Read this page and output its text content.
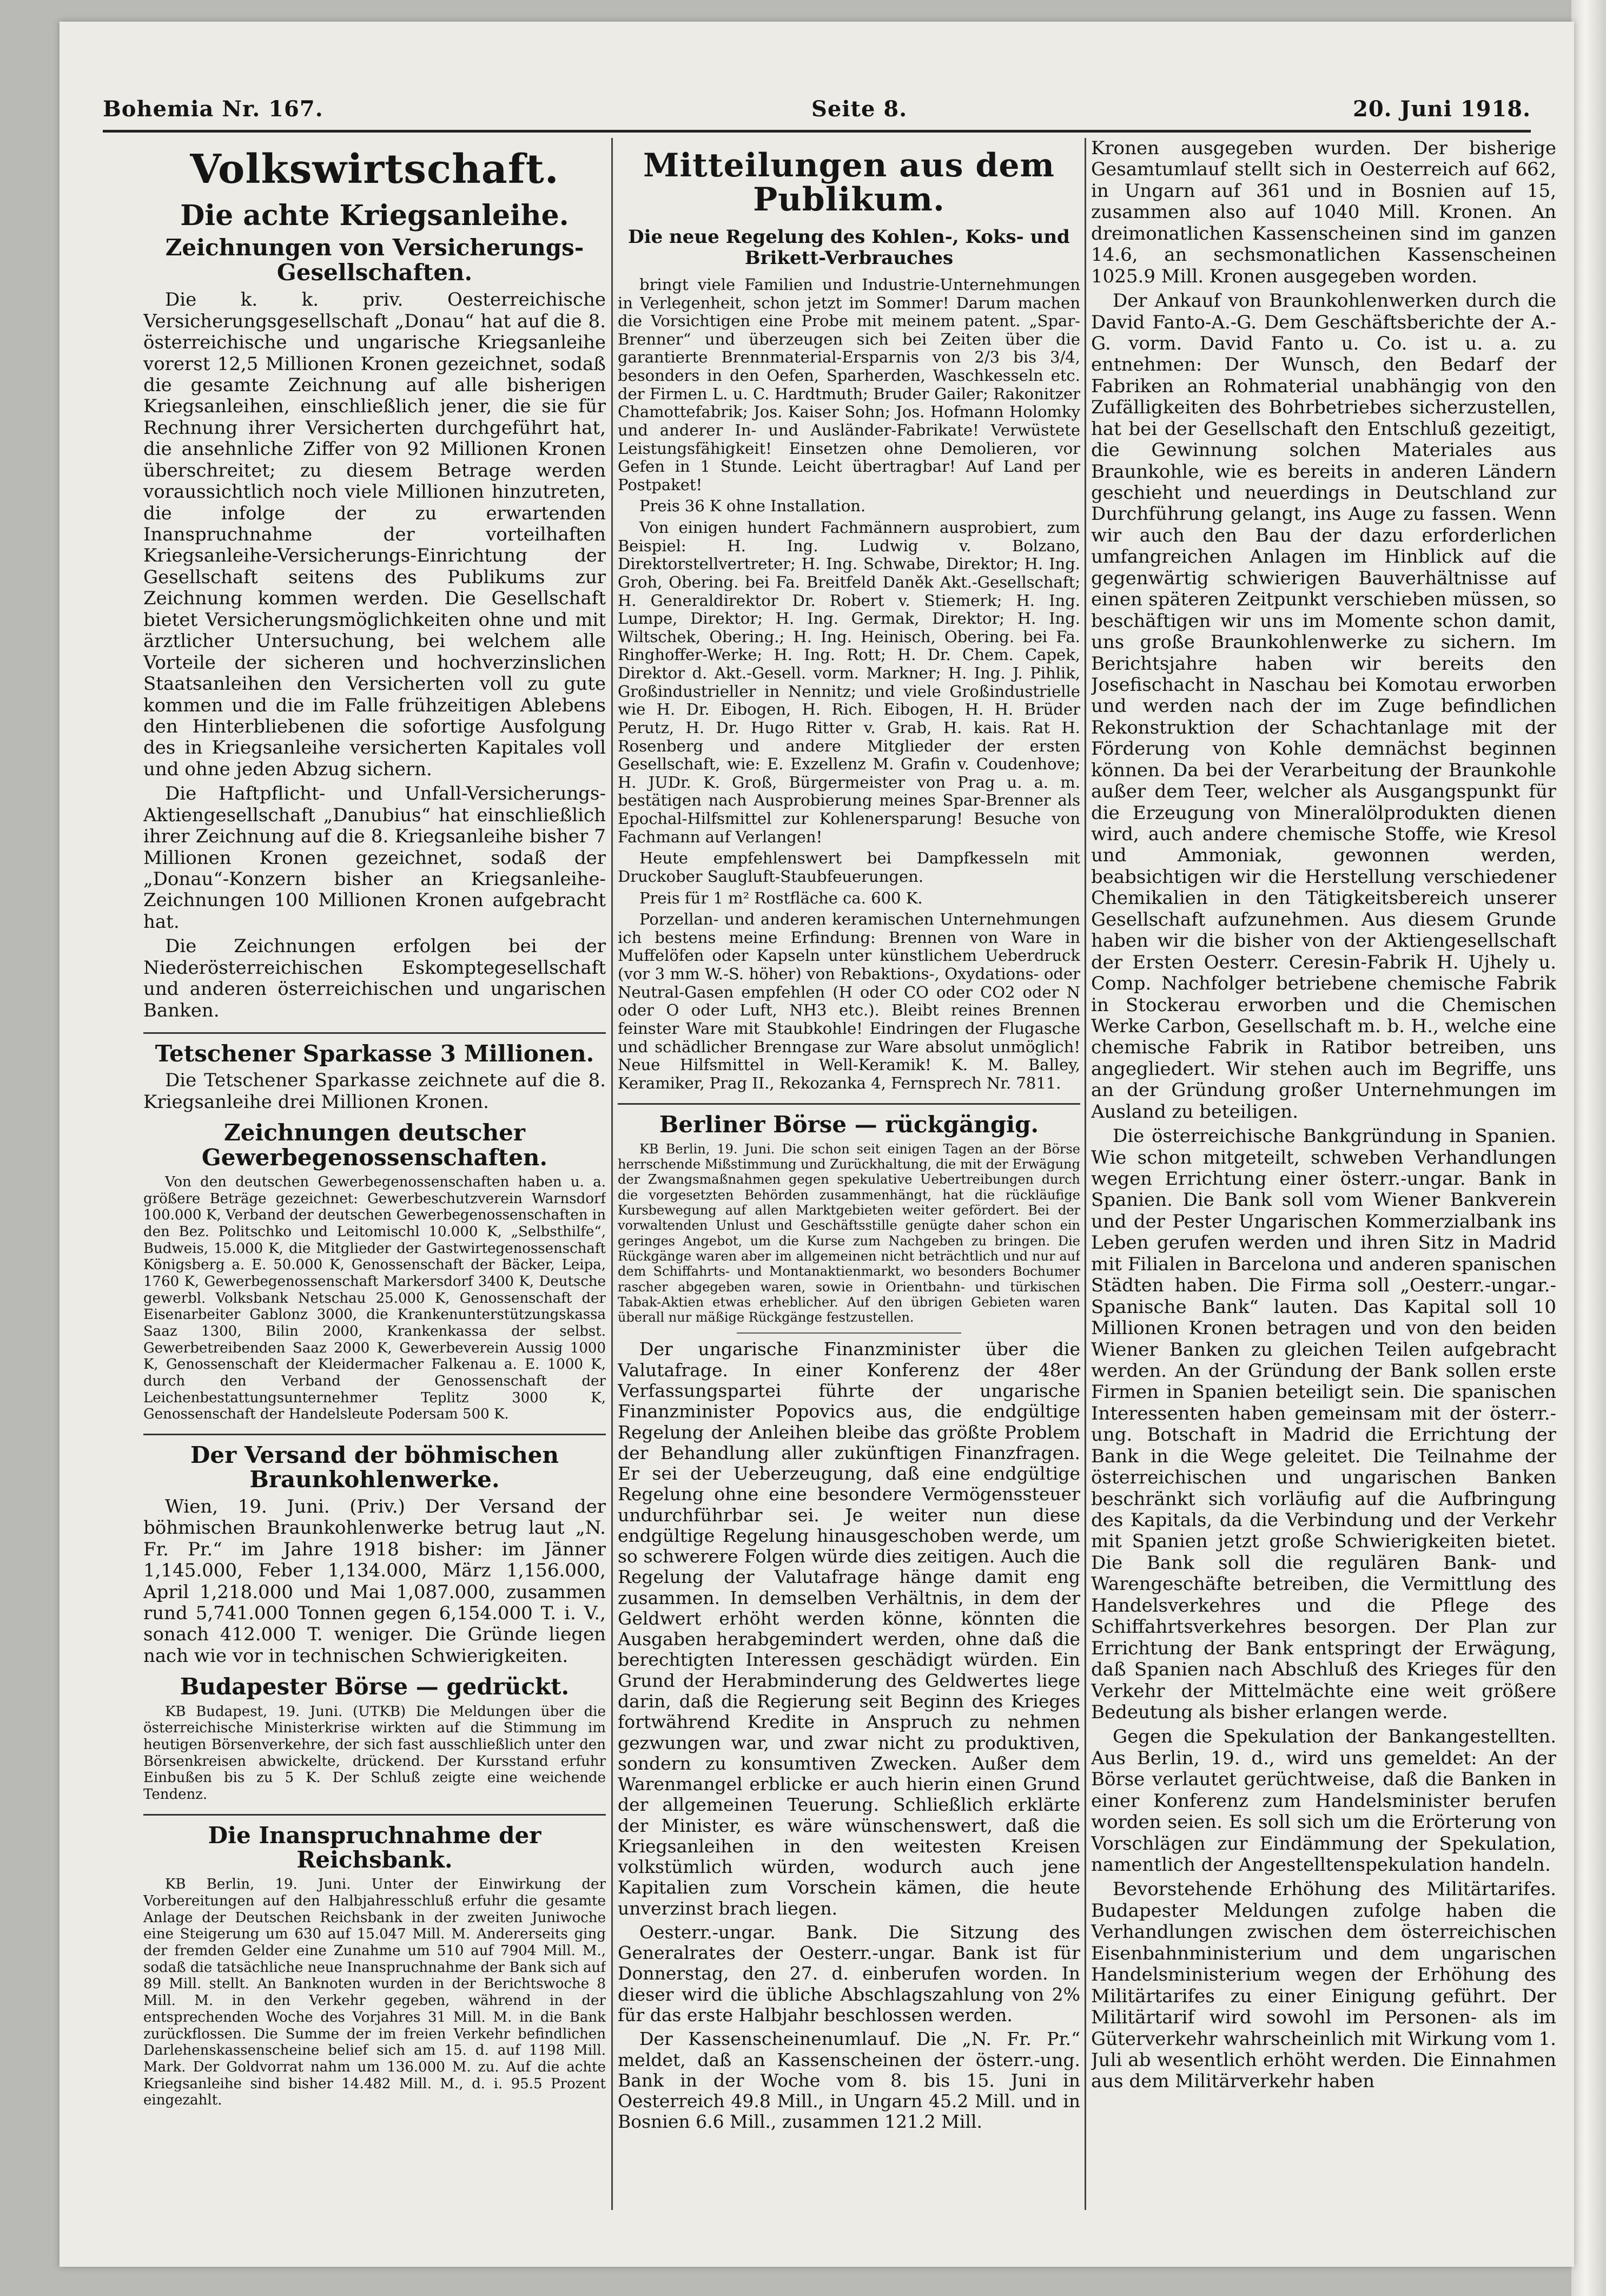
Bohemia Nr. 167.	Seite 8.	20. Juni 1918.
Volkswirtschaft.
Die achte Kriegsanleihe.
Zeichnungen von Versicherungs-Gesellschaften.

Die k. k. priv. Oesterreichische Versicherungsgesellschaft „Donau“ hat auf die 8. österreichische und ungarische Kriegsanleihe vorerst 12,5 Millionen Kronen gezeichnet, sodaß die gesamte Zeichnung auf alle bisherigen Kriegsanleihen, einschließlich jener, die sie für Rechnung ihrer Versicherten durchgeführt hat, die ansehnliche Ziffer von 92 Millionen Kronen überschreitet; zu diesem Betrage werden voraussichtlich noch viele Millionen hinzutreten, die infolge der zu erwartenden Inanspruchnahme der vorteilhaften Kriegsanleihe-Versicherungs-Einrichtung der Gesellschaft seitens des Publikums zur Zeichnung kommen werden. Die Gesellschaft bietet Versicherungsmöglichkeiten ohne und mit ärztlicher Untersuchung, bei welchem alle Vorteile der sicheren und hochverzinslichen Staatsanleihen den Versicherten voll zu gute kommen und die im Falle frühzeitigen Ablebens den Hinterbliebenen die sofortige Ausfolgung des in Kriegsanleihe versicherten Kapitales voll und ohne jeden Abzug sichern.

Die Haftpflicht- und Unfall-Versicherungs-Aktiengesellschaft „Danubius“ hat einschließlich ihrer Zeichnung auf die 8. Kriegsanleihe bisher 7 Millionen Kronen gezeichnet, sodaß der „Donau“-Konzern bisher an Kriegsanleihe-Zeichnungen 100 Millionen Kronen aufgebracht hat.

Die Zeichnungen erfolgen bei der Niederösterreichischen Eskomptegesellschaft und anderen österreichischen und ungarischen Banken.

Tetschener Sparkasse 3 Millionen.

Die Tetschener Sparkasse zeichnete auf die 8. Kriegsanleihe drei Millionen Kronen.

Zeichnungen deutscher Gewerbegenossenschaften.

Von den deutschen Gewerbegenossenschaften haben u. a. größere Beträge gezeichnet: Gewerbeschutzverein Warnsdorf 100.000 K, Verband der deutschen Gewerbegenossenschaften in den Bez. Politschko und Leitomischl 10.000 K, „Selbsthilfe“, Budweis, 15.000 K, die Mitglieder der Gastwirtegenossenschaft Königsberg a. E. 50.000 K, Genossenschaft der Bäcker, Leipa, 1760 K, Gewerbegenossenschaft Markersdorf 3400 K, Deutsche gewerbl. Volksbank Netschau 25.000 K, Genossenschaft der Eisenarbeiter Gablonz 3000, die Krankenunterstützungskassa Saaz 1300, Bilin 2000, Krankenkassa der selbst. Gewerbetreibenden Saaz 2000 K, Gewerbeverein Aussig 1000 K, Genossenschaft der Kleidermacher Falkenau a. E. 1000 K, durch den Verband der Genossenschaft der Leichenbestattungsunternehmer Teplitz 3000 K, Genossenschaft der Handelsleute Podersam 500 K.

Der Versand der böhmischen Braunkohlenwerke.

Wien, 19. Juni. (Priv.) Der Versand der böhmischen Braunkohlenwerke betrug laut „N. Fr. Pr.“ im Jahre 1918 bisher: im Jänner 1,145.000, Feber 1,134.000, März 1,156.000, April 1,218.000 und Mai 1,087.000, zusammen rund 5,741.000 Tonnen gegen 6,154.000 T. i. V., sonach 412.000 T. weniger. Die Gründe liegen nach wie vor in technischen Schwierigkeiten.

Budapester Börse — gedrückt.

KB Budapest, 19. Juni. (UTKB) Die Meldungen über die österreichische Ministerkrise wirkten auf die Stimmung im heutigen Börsenverkehre, der sich fast ausschließlich unter den Börsenkreisen abwickelte, drückend. Der Kursstand erfuhr Einbußen bis zu 5 K. Der Schluß zeigte eine weichende Tendenz.

Die Inanspruchnahme der Reichsbank.

KB Berlin, 19. Juni. Unter der Einwirkung der Vorbereitungen auf den Halbjahresschluß erfuhr die gesamte Anlage der Deutschen Reichsbank in der zweiten Juniwoche eine Steigerung um 630 auf 15.047 Mill. M. Andererseits ging der fremden Gelder eine Zunahme um 510 auf 7904 Mill. M., sodaß die tatsächliche neue Inanspruchnahme der Bank sich auf 89 Mill. stellt. An Banknoten wurden in der Berichtswoche 8 Mill. M. in den Verkehr gegeben, während in der entsprechenden Woche des Vorjahres 31 Mill. M. in die Bank zurückflossen. Die Summe der im freien Verkehr befindlichen Darlehenskassenscheine belief sich am 15. d. auf 1198 Mill. Mark. Der Goldvorrat nahm um 136.000 M. zu. Auf die achte Kriegsanleihe sind bisher 14.482 Mill. M., d. i. 95.5 Prozent eingezahlt.

Mitteilungen aus dem Publikum.
Die neue Regelung des Kohlen-, Koks- und Brikett-Verbrauches

bringt viele Familien und Industrie-Unternehmungen in Verlegenheit, schon jetzt im Sommer! Darum machen die Vorsichtigen eine Probe mit meinem patent. „Spar-Brenner“ und überzeugen sich bei Zeiten über die garantierte Brennmaterial-Ersparnis von 2/3 bis 3/4, besonders in den Oefen, Sparherden, Waschkesseln etc. der Firmen L. u. C. Hardtmuth; Bruder Gailer; Rakonitzer Chamottefabrik; Jos. Kaiser Sohn; Jos. Hofmann Holomky und anderer In- und Ausländer-Fabrikate! Verwüstete Leistungsfähigkeit! Einsetzen ohne Demolieren, vor Gefen in 1 Stunde. Leicht übertragbar! Auf Land per Postpaket!

Preis 36 K ohne Installation.

Von einigen hundert Fachmännern ausprobiert, zum Beispiel: H. Ing. Ludwig v. Bolzano, Direktorstellvertreter; H. Ing. Schwabe, Direktor; H. Ing. Groh, Obering. bei Fa. Breitfeld Daněk Akt.-Gesellschaft; H. Generaldirektor Dr. Robert v. Stiemerk; H. Ing. Lumpe, Direktor; H. Ing. Germak, Direktor; H. Ing. Wiltschek, Obering.; H. Ing. Heinisch, Obering. bei Fa. Ringhoffer-Werke; H. Ing. Rott; H. Dr. Chem. Capek, Direktor d. Akt.-Gesell. vorm. Markner; H. Ing. J. Pihlik, Großindustrieller in Nennitz; und viele Großindustrielle wie H. Dr. Eibogen, H. Rich. Eibogen, H. H. Brüder Perutz, H. Dr. Hugo Ritter v. Grab, H. kais. Rat H. Rosenberg und andere Mitglieder der ersten Gesellschaft, wie: E. Exzellenz M. Grafin v. Coudenhove; H. JUDr. K. Groß, Bürgermeister von Prag u. a. m. bestätigen nach Ausprobierung meines Spar-Brenner als Epochal-Hilfsmittel zur Kohlenersparung! Besuche von Fachmann auf Verlangen!

Heute empfehlenswert bei Dampfkesseln mit Druckober Saugluft-Staubfeuerungen.

Preis für 1 m² Rostfläche ca. 600 K.

Porzellan- und anderen keramischen Unternehmungen ich bestens meine Erfindung: Brennen von Ware in Muffelöfen oder Kapseln unter künstlichem Ueberdruck (vor 3 mm W.-S. höher) von Rebaktions-, Oxydations- oder Neutral-Gasen empfehlen (H oder CO oder CO2 oder N oder O oder Luft, NH3 etc.). Bleibt reines Brennen feinster Ware mit Staubkohle! Eindringen der Flugasche und schädlicher Brenngase zur Ware absolut unmöglich! Neue Hilfsmittel in Well-Keramik! K. M. Balley, Keramiker, Prag II., Rekozanka 4, Fernsprech Nr. 7811.

Berliner Börse — rückgängig.

KB Berlin, 19. Juni. Die schon seit einigen Tagen an der Börse herrschende Mißstimmung und Zurückhaltung, die mit der Erwägung der Zwangsmaßnahmen gegen spekulative Uebertreibungen durch die vorgesetzten Behörden zusammenhängt, hat die rückläufige Kursbewegung auf allen Marktgebieten weiter gefördert. Bei der vorwaltenden Unlust und Geschäftsstille genügte daher schon ein geringes Angebot, um die Kurse zum Nachgeben zu bringen. Die Rückgänge waren aber im allgemeinen nicht beträchtlich und nur auf dem Schiffahrts- und Montanaktienmarkt, wo besonders Bochumer rascher abgegeben waren, sowie in Orientbahn- und türkischen Tabak-Aktien etwas erheblicher. Auf den übrigen Gebieten waren überall nur mäßige Rückgänge festzustellen.

Der ungarische Finanzminister über die Valutafrage. In einer Konferenz der 48er Verfassungspartei führte der ungarische Finanzminister Popovics aus, die endgültige Regelung der Anleihen bleibe das größte Problem der Behandlung aller zukünftigen Finanzfragen. Er sei der Ueberzeugung, daß eine endgültige Regelung ohne eine besondere Vermögenssteuer undurchführbar sei. Je weiter nun diese endgültige Regelung hinausgeschoben werde, um so schwerere Folgen würde dies zeitigen. Auch die Regelung der Valutafrage hänge damit eng zusammen. In demselben Verhältnis, in dem der Geldwert erhöht werden könne, könnten die Ausgaben herabgemindert werden, ohne daß die berechtigten Interessen geschädigt würden. Ein Grund der Herabminderung des Geldwertes liege darin, daß die Regierung seit Beginn des Krieges fortwährend Kredite in Anspruch zu nehmen gezwungen war, und zwar nicht zu produktiven, sondern zu konsumtiven Zwecken. Außer dem Warenmangel erblicke er auch hierin einen Grund der allgemeinen Teuerung. Schließlich erklärte der Minister, es wäre wünschenswert, daß die Kriegsanleihen in den weitesten Kreisen volkstümlich würden, wodurch auch jene Kapitalien zum Vorschein kämen, die heute unverzinst brach liegen.

Oesterr.-ungar. Bank. Die Sitzung des Generalrates der Oesterr.-ungar. Bank ist für Donnerstag, den 27. d. einberufen worden. In dieser wird die übliche Abschlagszahlung von 2% für das erste Halbjahr beschlossen werden.

Der Kassenscheinenumlauf. Die „N. Fr. Pr.“ meldet, daß an Kassenscheinen der österr.-ung. Bank in der Woche vom 8. bis 15. Juni in Oesterreich 49.8 Mill., in Ungarn 45.2 Mill. und in Bosnien 6.6 Mill., zusammen 121.2 Mill.

Kronen ausgegeben wurden. Der bisherige Gesamtumlauf stellt sich in Oesterreich auf 662, in Ungarn auf 361 und in Bosnien auf 15, zusammen also auf 1040 Mill. Kronen. An dreimonatlichen Kassenscheinen sind im ganzen 14.6, an sechsmonatlichen Kassenscheinen 1025.9 Mill. Kronen ausgegeben worden.

Der Ankauf von Braunkohlenwerken durch die David Fanto-A.-G. Dem Geschäftsberichte der A.-G. vorm. David Fanto u. Co. ist u. a. zu entnehmen: Der Wunsch, den Bedarf der Fabriken an Rohmaterial unabhängig von den Zufälligkeiten des Bohrbetriebes sicherzustellen, hat bei der Gesellschaft den Entschluß gezeitigt, die Gewinnung solchen Materiales aus Braunkohle, wie es bereits in anderen Ländern geschieht und neuerdings in Deutschland zur Durchführung gelangt, ins Auge zu fassen. Wenn wir auch den Bau der dazu erforderlichen umfangreichen Anlagen im Hinblick auf die gegenwärtig schwierigen Bauverhältnisse auf einen späteren Zeitpunkt verschieben müssen, so beschäftigen wir uns im Momente schon damit, uns große Braunkohlenwerke zu sichern. Im Berichtsjahre haben wir bereits den Josefischacht in Naschau bei Komotau erworben und werden nach der im Zuge befindlichen Rekonstruktion der Schachtanlage mit der Förderung von Kohle demnächst beginnen können. Da bei der Verarbeitung der Braunkohle außer dem Teer, welcher als Ausgangspunkt für die Erzeugung von Mineralölprodukten dienen wird, auch andere chemische Stoffe, wie Kresol und Ammoniak, gewonnen werden, beabsichtigen wir die Herstellung verschiedener Chemikalien in den Tätigkeitsbereich unserer Gesellschaft aufzunehmen. Aus diesem Grunde haben wir die bisher von der Aktiengesellschaft der Ersten Oesterr. Ceresin-Fabrik H. Ujhely u. Comp. Nachfolger betriebene chemische Fabrik in Stockerau erworben und die Chemischen Werke Carbon, Gesellschaft m. b. H., welche eine chemische Fabrik in Ratibor betreiben, uns angegliedert. Wir stehen auch im Begriffe, uns an der Gründung großer Unternehmungen im Ausland zu beteiligen.

Die österreichische Bankgründung in Spanien. Wie schon mitgeteilt, schweben Verhandlungen wegen Errichtung einer österr.-ungar. Bank in Spanien. Die Bank soll vom Wiener Bankverein und der Pester Ungarischen Kommerzialbank ins Leben gerufen werden und ihren Sitz in Madrid mit Filialen in Barcelona und anderen spanischen Städten haben. Die Firma soll „Oesterr.-ungar.-Spanische Bank“ lauten. Das Kapital soll 10 Millionen Kronen betragen und von den beiden Wiener Banken zu gleichen Teilen aufgebracht werden. An der Gründung der Bank sollen erste Firmen in Spanien beteiligt sein. Die spanischen Interessenten haben gemeinsam mit der österr.-ung. Botschaft in Madrid die Errichtung der Bank in die Wege geleitet. Die Teilnahme der österreichischen und ungarischen Banken beschränkt sich vorläufig auf die Aufbringung des Kapitals, da die Verbindung und der Verkehr mit Spanien jetzt große Schwierigkeiten bietet. Die Bank soll die regulären Bank- und Warengeschäfte betreiben, die Vermittlung des Handelsverkehres und die Pflege des Schiffahrtsverkehres besorgen. Der Plan zur Errichtung der Bank entspringt der Erwägung, daß Spanien nach Abschluß des Krieges für den Verkehr der Mittelmächte eine weit größere Bedeutung als bisher erlangen werde.

Gegen die Spekulation der Bankangestellten. Aus Berlin, 19. d., wird uns gemeldet: An der Börse verlautet gerüchtweise, daß die Banken in einer Konferenz zum Handelsminister berufen worden seien. Es soll sich um die Erörterung von Vorschlägen zur Eindämmung der Spekulation, namentlich der Angestelltenspekulation handeln.

Bevorstehende Erhöhung des Militärtarifes. Budapester Meldungen zufolge haben die Verhandlungen zwischen dem österreichischen Eisenbahnministerium und dem ungarischen Handelsministerium wegen der Erhöhung des Militärtarifes zu einer Einigung geführt. Der Militärtarif wird sowohl im Personen- als im Güterverkehr wahrscheinlich mit Wirkung vom 1. Juli ab wesentlich erhöht werden. Die Einnahmen aus dem Militärverkehr haben
